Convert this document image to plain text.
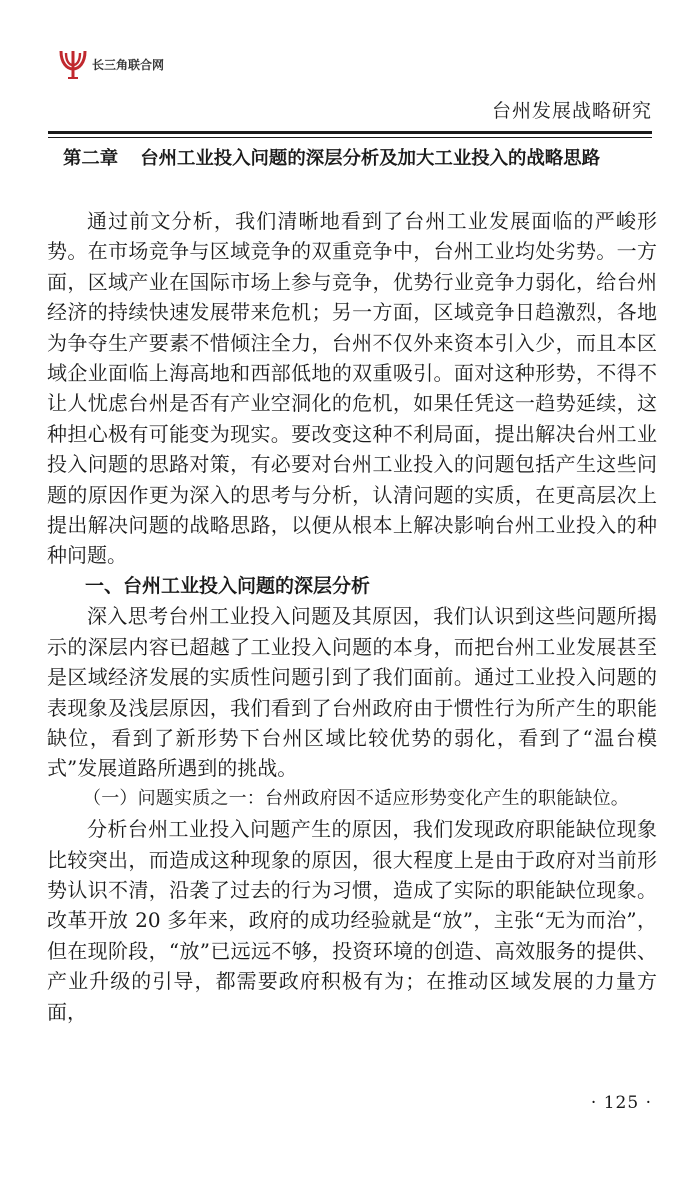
长三角联合网
台州发展战略研究
第二章 台州工业投入问题的深层分析及加大工业投入的战略思路

通过前文分析，我们清晰地看到了台州工业发展面临的严峻形势。在市场竞争与区域竞争的双重竞争中，台州工业均处劣势。一方面，区域产业在国际市场上参与竞争，优势行业竞争力弱化，给台州经济的持续快速发展带来危机；另一方面，区域竞争日趋激烈，各地为争夺生产要素不惜倾注全力，台州不仅外来资本引入少，而且本区域企业面临上海高地和西部低地的双重吸引。面对这种形势，不得不让人忧虑台州是否有产业空洞化的危机，如果任凭这一趋势延续，这种担心极有可能变为现实。要改变这种不利局面，提出解决台州工业投入问题的思路对策，有必要对台州工业投入的问题包括产生这些问题的原因作更为深入的思考与分析，认清问题的实质，在更高层次上提出解决问题的战略思路，以便从根本上解决影响台州工业投入的种种问题。

一、台州工业投入问题的深层分析

深入思考台州工业投入问题及其原因，我们认识到这些问题所揭示的深层内容已超越了工业投入问题的本身，而把台州工业发展甚至是区域经济发展的实质性问题引到了我们面前。通过工业投入问题的表现象及浅层原因，我们看到了台州政府由于惯性行为所产生的职能缺位，看到了新形势下台州区域比较优势的弱化，看到了“温台模式”发展道路所遇到的挑战。

（一）问题实质之一：台州政府因不适应形势变化产生的职能缺位。

分析台州工业投入问题产生的原因，我们发现政府职能缺位现象比较突出，而造成这种现象的原因，很大程度上是由于政府对当前形势认识不清，沿袭了过去的行为习惯，造成了实际的职能缺位现象。改革开放 20 多年来，政府的成功经验就是“放”，主张“无为而治”，但在现阶段，“放”已远远不够，投资环境的创造、高效服务的提供、产业升级的引导，都需要政府积极有为；在推动区域发展的力量方面，

· 125 ·
